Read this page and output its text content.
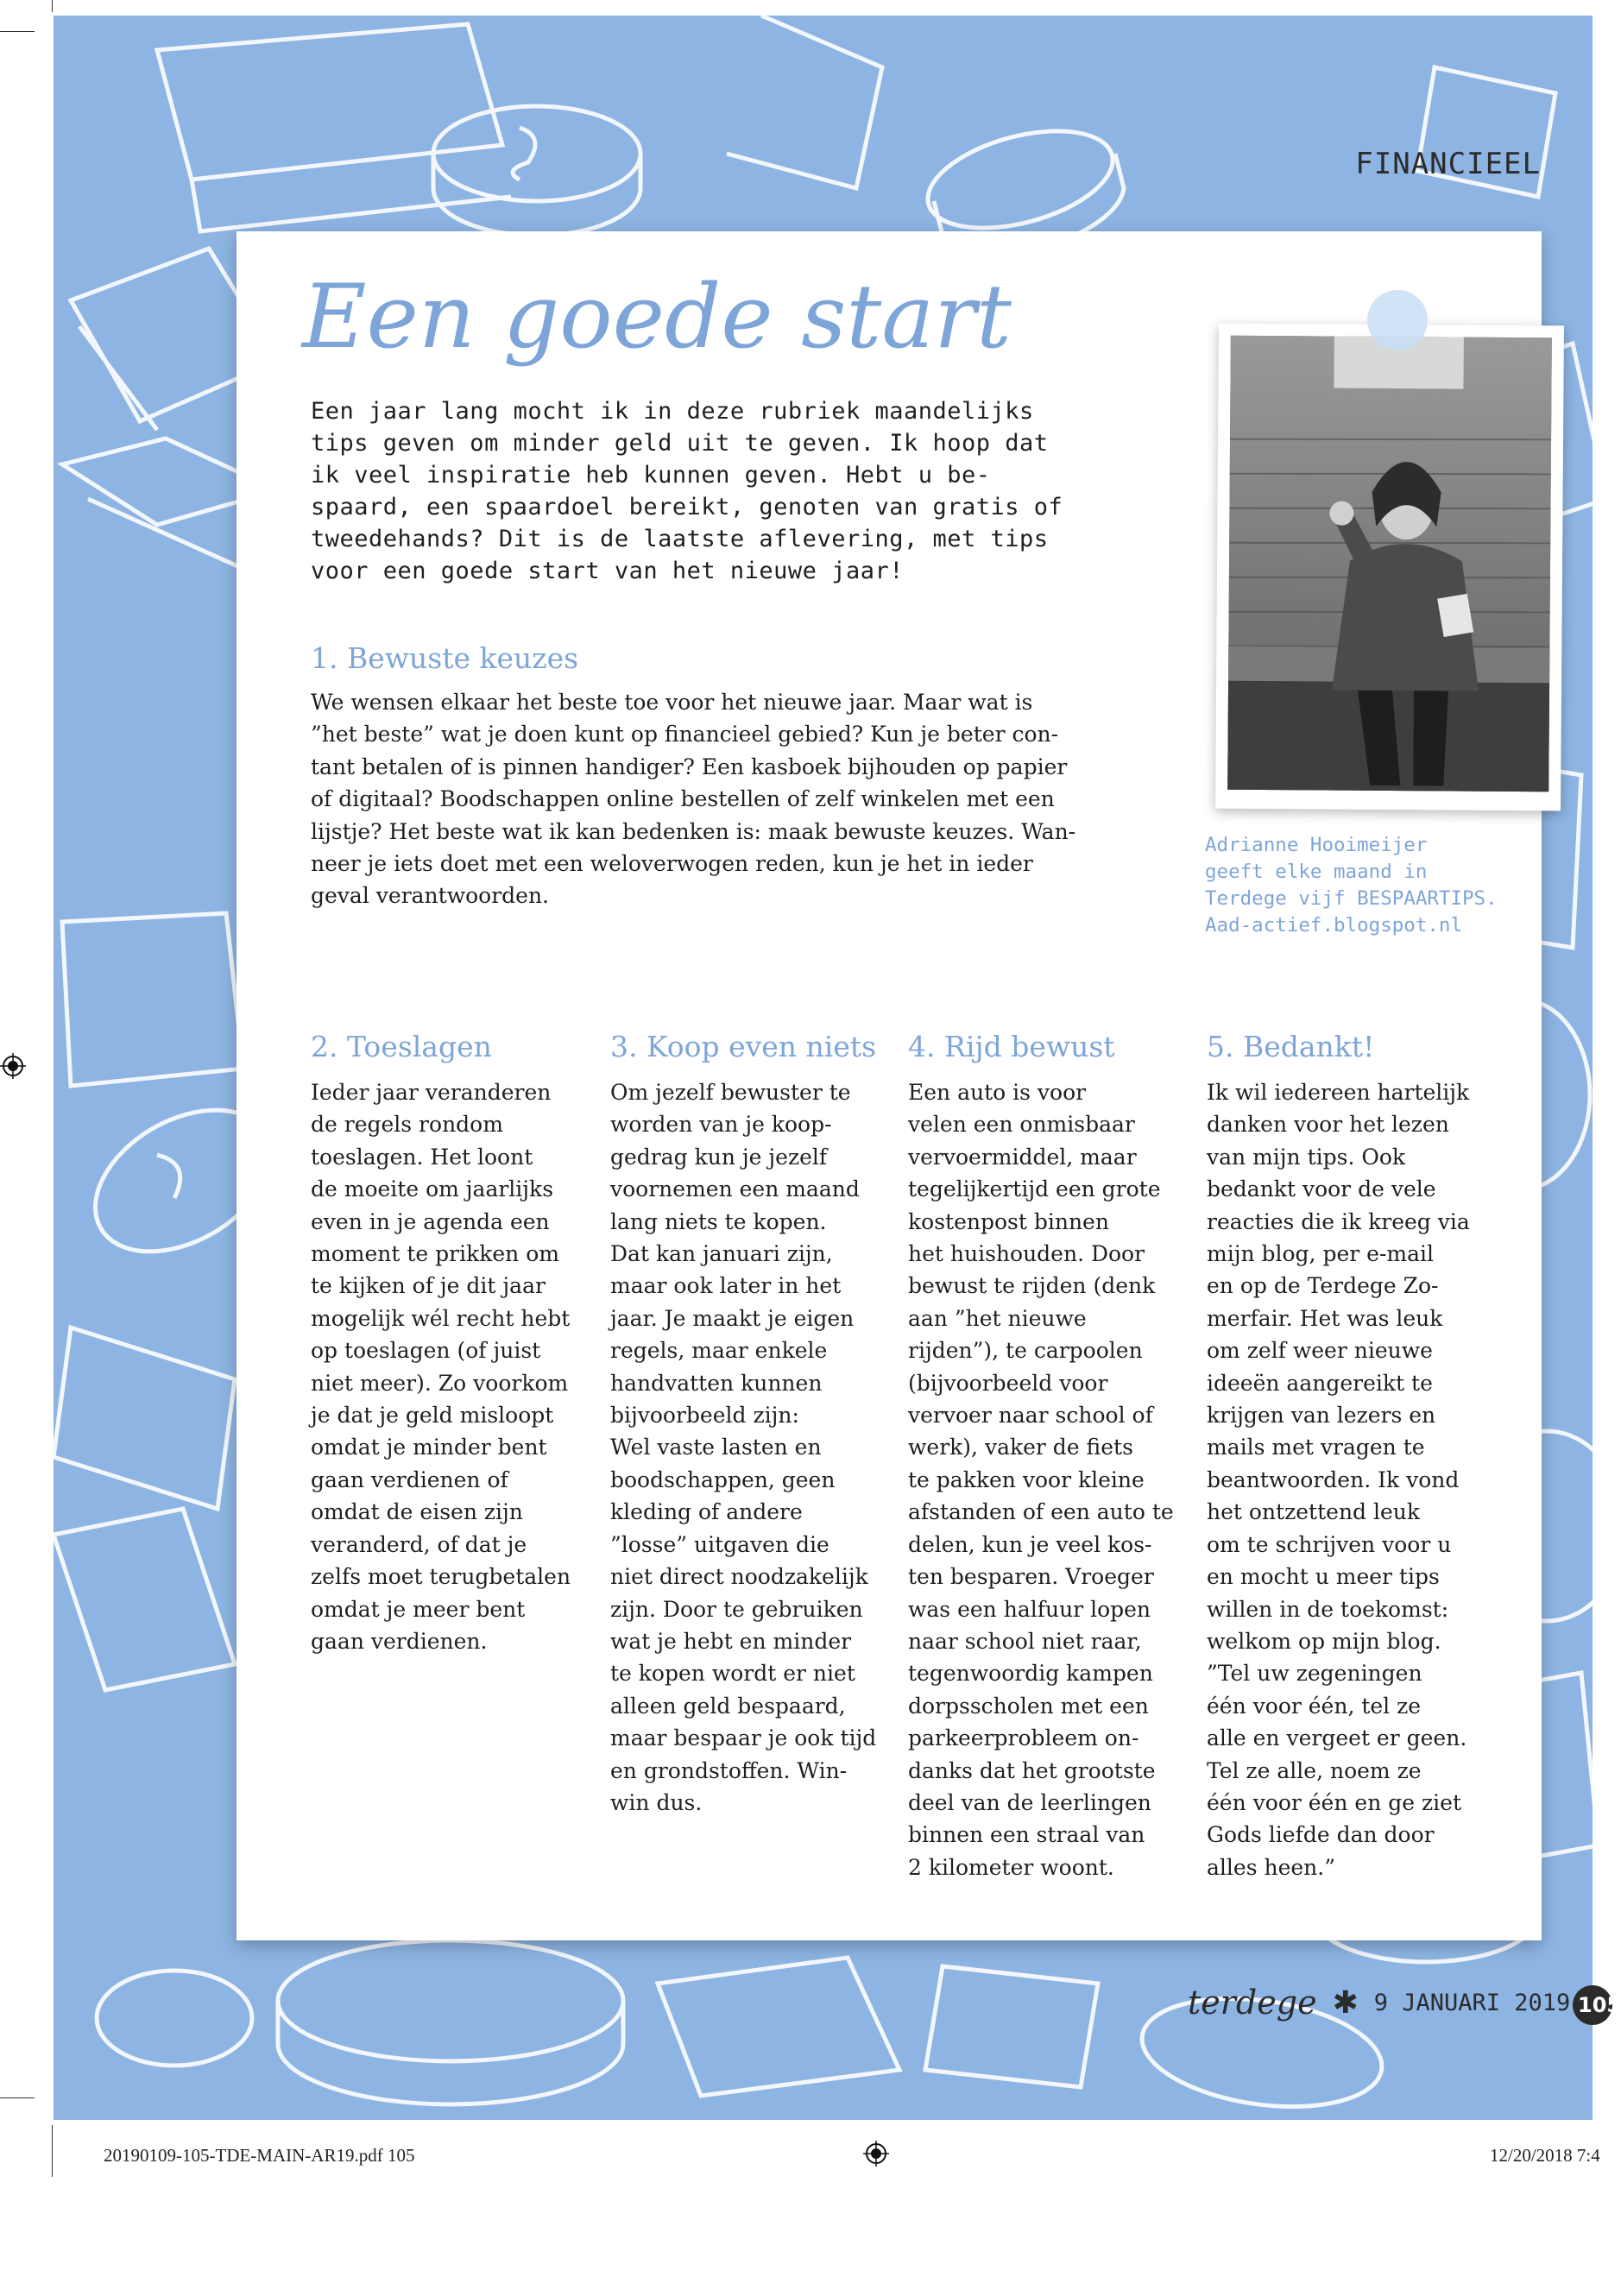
FINANCIEEL
Een goede start
Een jaar lang mocht ik in deze rubriek maandelijks
tips geven om minder geld uit te geven. Ik hoop dat
ik veel inspiratie heb kunnen geven. Hebt u be-
spaard, een spaardoel bereikt, genoten van gratis of
tweedehands? Dit is de laatste aflevering, met tips
voor een goede start van het nieuwe jaar!
1. Bewuste keuzes
We wensen elkaar het beste toe voor het nieuwe jaar. Maar wat is
”het beste” wat je doen kunt op financieel gebied? Kun je beter con-
tant betalen of is pinnen handiger? Een kasboek bijhouden op papier
of digitaal? Boodschappen online bestellen of zelf winkelen met een
lijstje? Het beste wat ik kan bedenken is: maak bewuste keuzes. Wan-
neer je iets doet met een weloverwogen reden, kun je het in ieder
geval verantwoorden.
Adrianne Hooimeijer
geeft elke maand in
Terdege vijf BESPAARTIPS.
Aad-actief.blogspot.nl
2. Toeslagen
Ieder jaar veranderen
de regels rondom
toeslagen. Het loont
de moeite om jaarlijks
even in je agenda een
moment te prikken om
te kijken of je dit jaar
mogelijk wél recht hebt
op toeslagen (of juist
niet meer). Zo voorkom
je dat je geld misloopt
omdat je minder bent
gaan verdienen of
omdat de eisen zijn
veranderd, of dat je
zelfs moet terugbetalen
omdat je meer bent
gaan verdienen.
3. Koop even niets
Om jezelf bewuster te
worden van je koop-
gedrag kun je jezelf
voornemen een maand
lang niets te kopen.
Dat kan januari zijn,
maar ook later in het
jaar. Je maakt je eigen
regels, maar enkele
handvatten kunnen
bijvoorbeeld zijn:
Wel vaste lasten en
boodschappen, geen
kleding of andere
”losse” uitgaven die
niet direct noodzakelijk
zijn. Door te gebruiken
wat je hebt en minder
te kopen wordt er niet
alleen geld bespaard,
maar bespaar je ook tijd
en grondstoffen. Win-
win dus.
4. Rijd bewust
Een auto is voor
velen een onmisbaar
vervoermiddel, maar
tegelijkertijd een grote
kostenpost binnen
het huishouden. Door
bewust te rijden (denk
aan ”het nieuwe
rijden”), te carpoolen
(bijvoorbeeld voor
vervoer naar school of
werk), vaker de fiets
te pakken voor kleine
afstanden of een auto te
delen, kun je veel kos-
ten besparen. Vroeger
was een halfuur lopen
naar school niet raar,
tegenwoordig kampen
dorpsscholen met een
parkeerprobleem on-
danks dat het grootste
deel van de leerlingen
binnen een straal van
2 kilometer woont.
5. Bedankt!
Ik wil iedereen hartelijk
danken voor het lezen
van mijn tips. Ook
bedankt voor de vele
reacties die ik kreeg via
mijn blog, per e-mail
en op de Terdege Zo-
merfair. Het was leuk
om zelf weer nieuwe
ideeën aangereikt te
krijgen van lezers en
mails met vragen te
beantwoorden. Ik vond
het ontzettend leuk
om te schrijven voor u
en mocht u meer tips
willen in de toekomst:
welkom op mijn blog.
”Tel uw zegeningen
één voor één, tel ze
alle en vergeet er geen.
Tel ze alle, noem ze
één voor één en ge ziet
Gods liefde dan door
alles heen.”
terdege ✱ 9 JANUARI 2019 105
20190109-105-TDE-MAIN-AR19.pdf 105	12/20/2018 7:4
